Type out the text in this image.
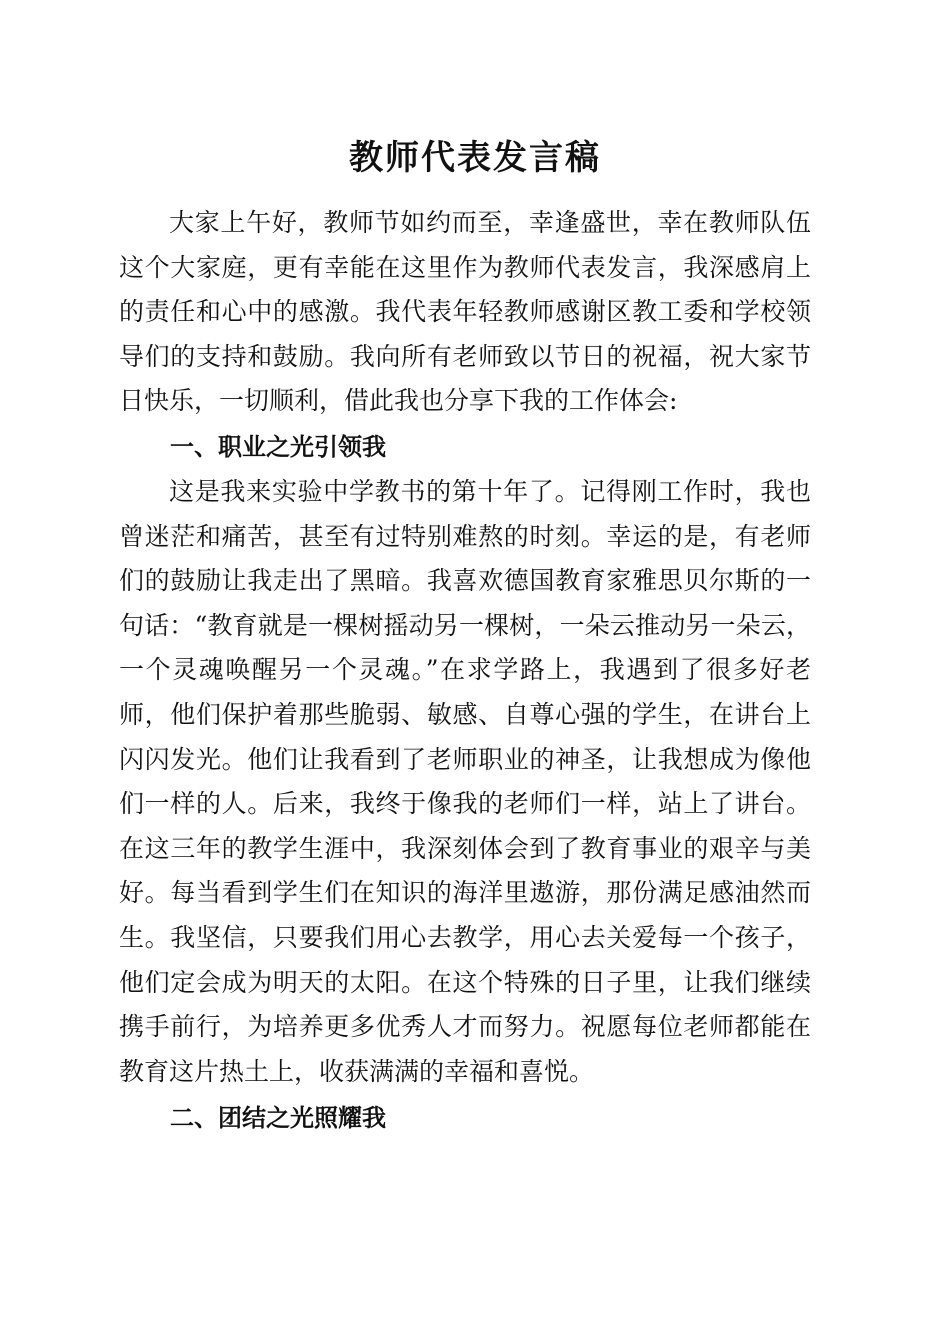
教师代表发言稿

大家上午好，教师节如约而至，幸逢盛世，幸在教师队伍这个大家庭，更有幸能在这里作为教师代表发言，我深感肩上的责任和心中的感激。我代表年轻教师感谢区教工委和学校领导们的支持和鼓励。我向所有老师致以节日的祝福，祝大家节日快乐，一切顺利，借此我也分享下我的工作体会:

一、职业之光引领我

这是我来实验中学教书的第十年了。记得刚工作时，我也曾迷茫和痛苦，甚至有过特别难熬的时刻。幸运的是，有老师们的鼓励让我走出了黑暗。我喜欢德国教育家雅思贝尔斯的一句话：“教育就是一棵树摇动另一棵树，一朵云推动另一朵云，一个灵魂唤醒另一个灵魂。”在求学路上，我遇到了很多好老师，他们保护着那些脆弱、敏感、自尊心强的学生，在讲台上闪闪发光。他们让我看到了老师职业的神圣，让我想成为像他们一样的人。后来，我终于像我的老师们一样，站上了讲台。在这三年的教学生涯中，我深刻体会到了教育事业的艰辛与美好。每当看到学生们在知识的海洋里遨游，那份满足感油然而生。我坚信，只要我们用心去教学，用心去关爱每一个孩子，他们定会成为明天的太阳。在这个特殊的日子里，让我们继续携手前行，为培养更多优秀人才而努力。祝愿每位老师都能在教育这片热土上，收获满满的幸福和喜悦。

二、团结之光照耀我
